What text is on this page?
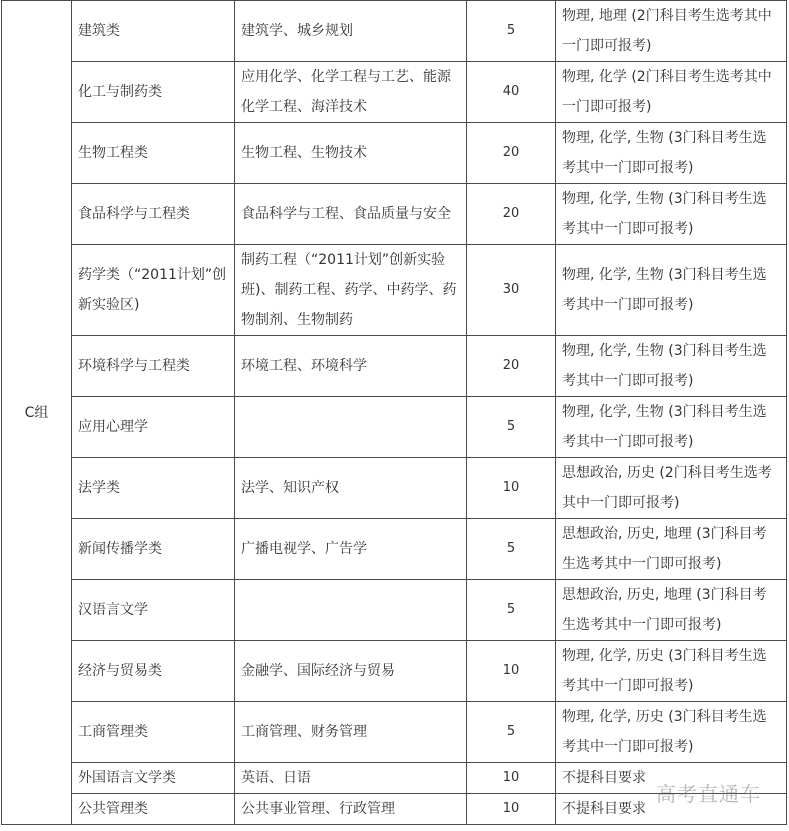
C组	建筑类	建筑学、城乡规划	5	物理, 地理 (2门科目考生选考其中一门即可报考)
	化工与制药类	应用化学、化学工程与工艺、能源化学工程、海洋技术	40	物理, 化学 (2门科目考生选考其中一门即可报考)
	生物工程类	生物工程、生物技术	20	物理, 化学, 生物 (3门科目考生选考其中一门即可报考)
	食品科学与工程类	食品科学与工程、食品质量与安全	20	物理, 化学, 生物 (3门科目考生选考其中一门即可报考)
	药学类（“2011计划”创新实验区)	制药工程（“2011计划”创新实验班)、制药工程、药学、中药学、药物制剂、生物制药	30	物理, 化学, 生物 (3门科目考生选考其中一门即可报考)
	环境科学与工程类	环境工程、环境科学	20	物理, 化学, 生物 (3门科目考生选考其中一门即可报考)
	应用心理学		5	物理, 化学, 生物 (3门科目考生选考其中一门即可报考)
	法学类	法学、知识产权	10	思想政治, 历史 (2门科目考生选考其中一门即可报考)
	新闻传播学类	广播电视学、广告学	5	思想政治, 历史, 地理 (3门科目考生选考其中一门即可报考)
	汉语言文学		5	思想政治, 历史, 地理 (3门科目考生选考其中一门即可报考)
	经济与贸易类	金融学、国际经济与贸易	10	物理, 化学, 历史 (3门科目考生选考其中一门即可报考)
	工商管理类	工商管理、财务管理	5	物理, 化学, 历史 (3门科目考生选考其中一门即可报考)
	外国语言文学类	英语、日语	10	不提科目要求
	公共管理类	公共事业管理、行政管理	10	不提科目要求
高考直通车
